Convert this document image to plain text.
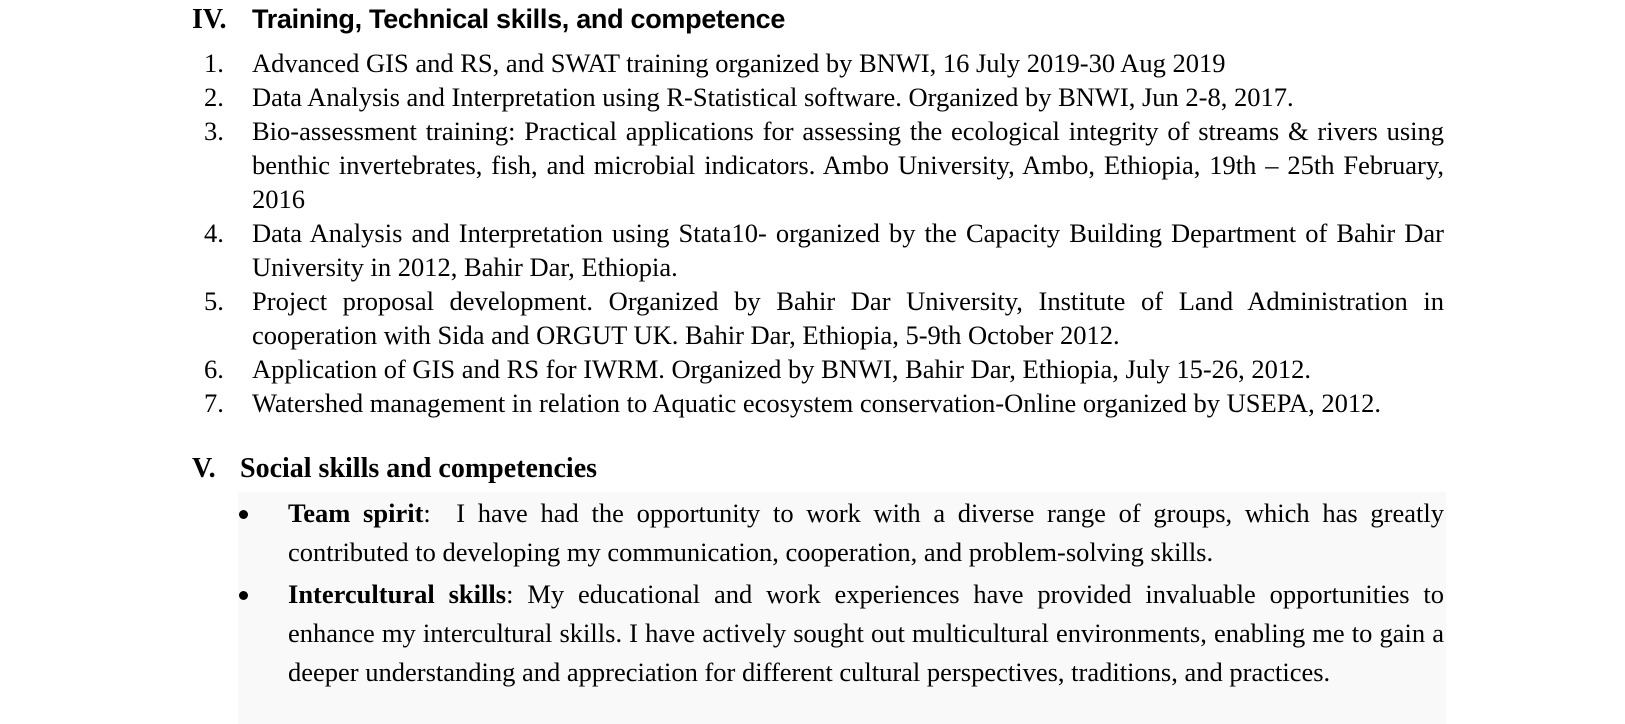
IV. Training, Technical skills, and competence
1.	Advanced GIS and RS, and SWAT training organized by BNWI, 16 July 2019-30 Aug 2019
2.	Data Analysis and Interpretation using R-Statistical software. Organized by BNWI, Jun 2-8, 2017.
3.	Bio-assessment training: Practical applications for assessing the ecological integrity of streams & rivers using benthic invertebrates, fish, and microbial indicators. Ambo University, Ambo, Ethiopia, 19th – 25th February, 2016
4.	Data Analysis and Interpretation using Stata10- organized by the Capacity Building Department of Bahir Dar University in 2012, Bahir Dar, Ethiopia.
5.	Project proposal development. Organized by Bahir Dar University, Institute of Land Administration in cooperation with Sida and ORGUT UK. Bahir Dar, Ethiopia, 5-9th October 2012.
6.	Application of GIS and RS for IWRM. Organized by BNWI, Bahir Dar, Ethiopia, July 15-26, 2012.
7.	Watershed management in relation to Aquatic ecosystem conservation-Online organized by USEPA, 2012.
V. Social skills and competencies
Team spirit:  I have had the opportunity to work with a diverse range of groups, which has greatly contributed to developing my communication, cooperation, and problem-solving skills.
Intercultural skills: My educational and work experiences have provided invaluable opportunities to enhance my intercultural skills. I have actively sought out multicultural environments, enabling me to gain a deeper understanding and appreciation for different cultural perspectives, traditions, and practices.
